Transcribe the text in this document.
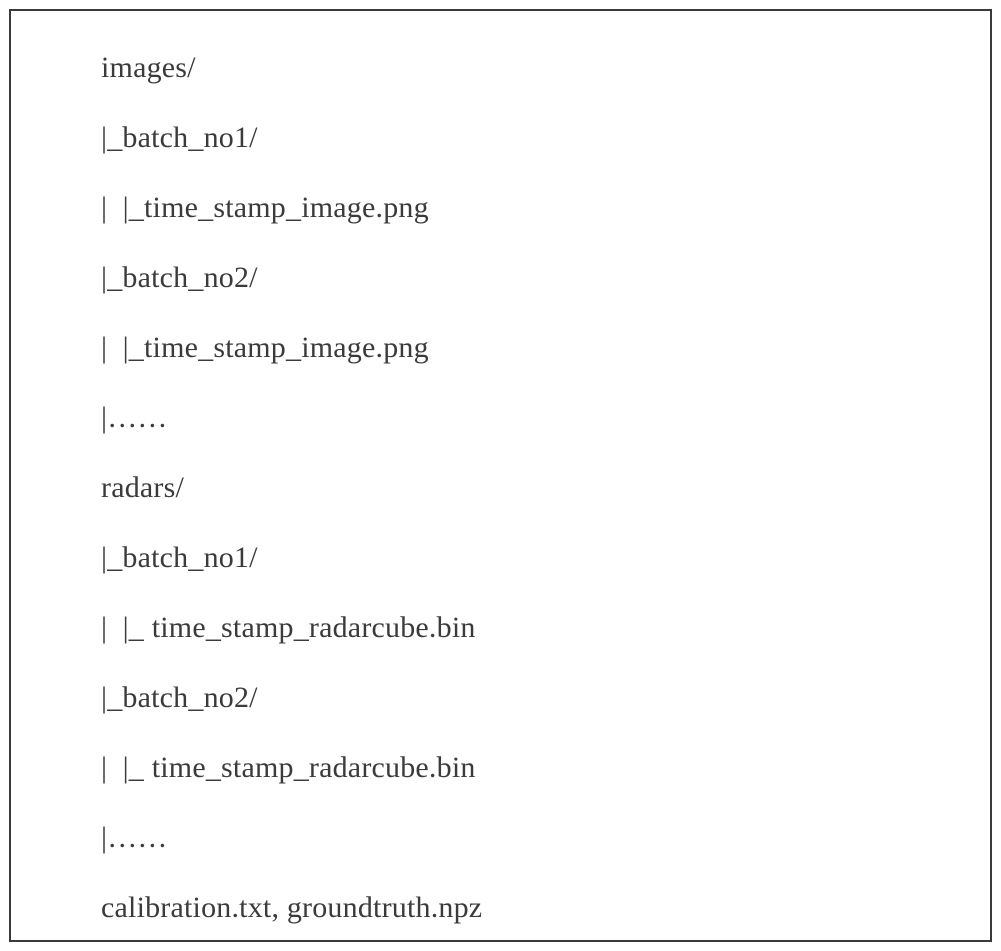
images/
|_batch_no1/
|  |_time_stamp_image.png
|_batch_no2/
|  |_time_stamp_image.png
|……
radars/
|_batch_no1/
|  |_ time_stamp_radarcube.bin
|_batch_no2/
|  |_ time_stamp_radarcube.bin
|……
calibration.txt, groundtruth.npz
